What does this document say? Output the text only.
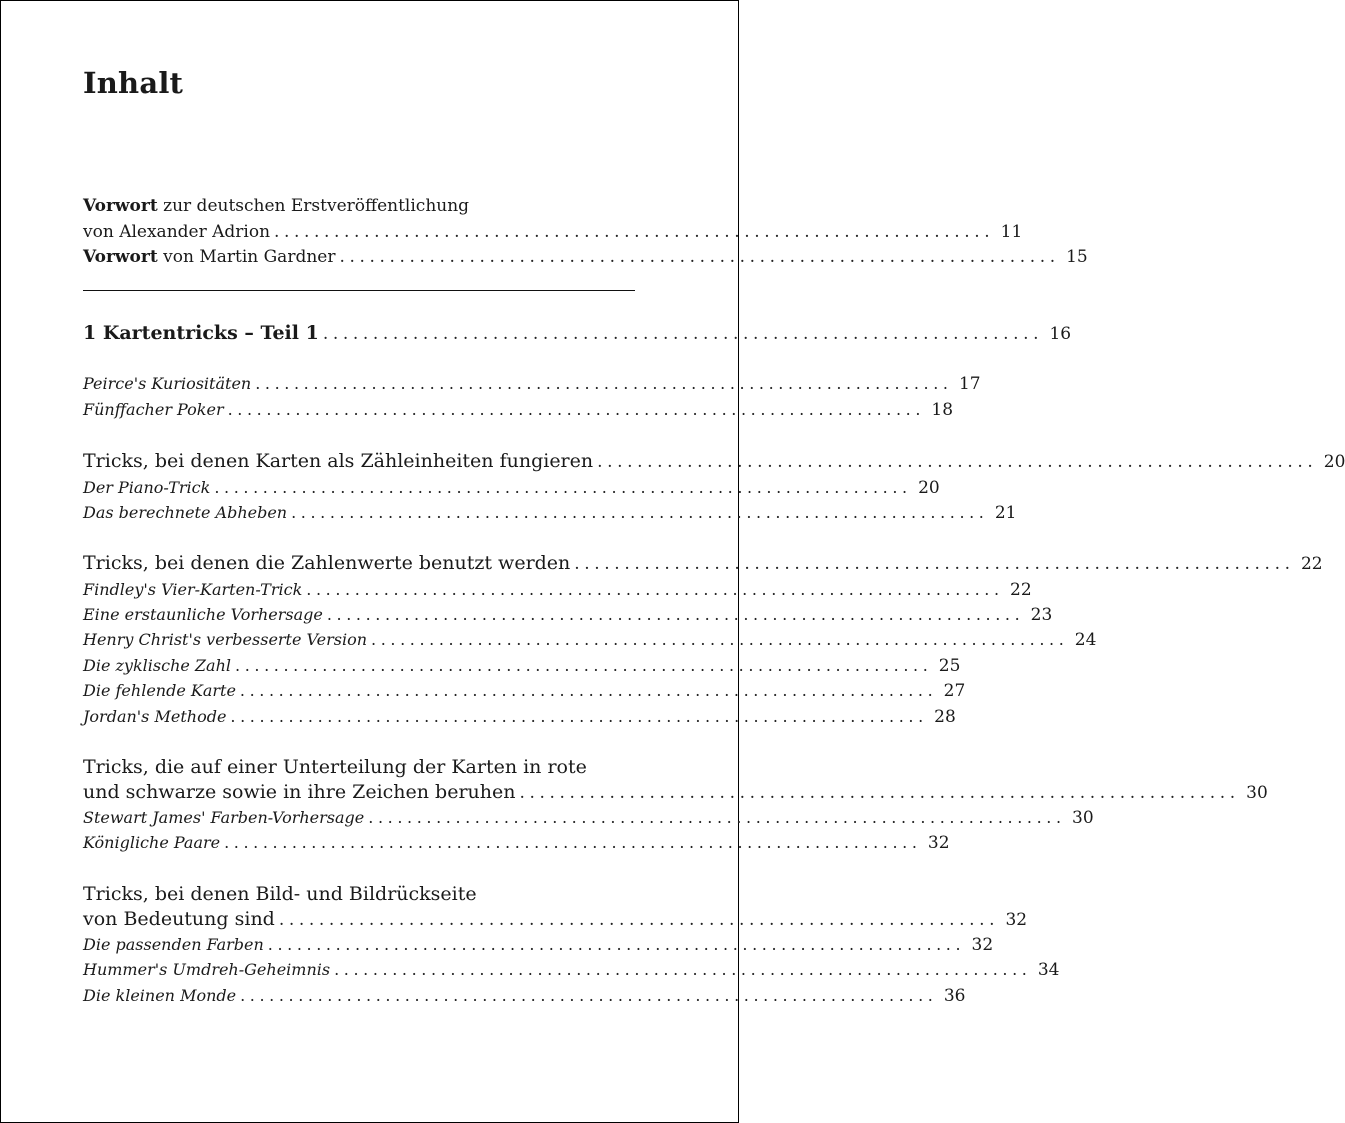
Inhalt
Vorwort zur deutschen Erstveröffentlichung
von Alexander Adrion ........................................................................ 11
Vorwort von Martin Gardner ........................................................................ 15
1 Kartentricks – Teil 1 ........................................................................ 16
Peirce's Kuriositäten ........................................................................ 17
Fünffacher Poker ........................................................................ 18
Tricks, bei denen Karten als Zähleinheiten fungieren ........................................................................ 20
Der Piano-Trick ........................................................................ 20
Das berechnete Abheben ........................................................................ 21
Tricks, bei denen die Zahlenwerte benutzt werden ........................................................................ 22
Findley's Vier-Karten-Trick ........................................................................ 22
Eine erstaunliche Vorhersage ........................................................................ 23
Henry Christ's verbesserte Version ........................................................................ 24
Die zyklische Zahl ........................................................................ 25
Die fehlende Karte ........................................................................ 27
Jordan's Methode ........................................................................ 28
Tricks, die auf einer Unterteilung der Karten in rote
und schwarze sowie in ihre Zeichen beruhen ........................................................................ 30
Stewart James' Farben-Vorhersage ........................................................................ 30
Königliche Paare ........................................................................ 32
Tricks, bei denen Bild- und Bildrückseite
von Bedeutung sind ........................................................................ 32
Die passenden Farben ........................................................................ 32
Hummer's Umdreh-Geheimnis ........................................................................ 34
Die kleinen Monde ........................................................................ 36
